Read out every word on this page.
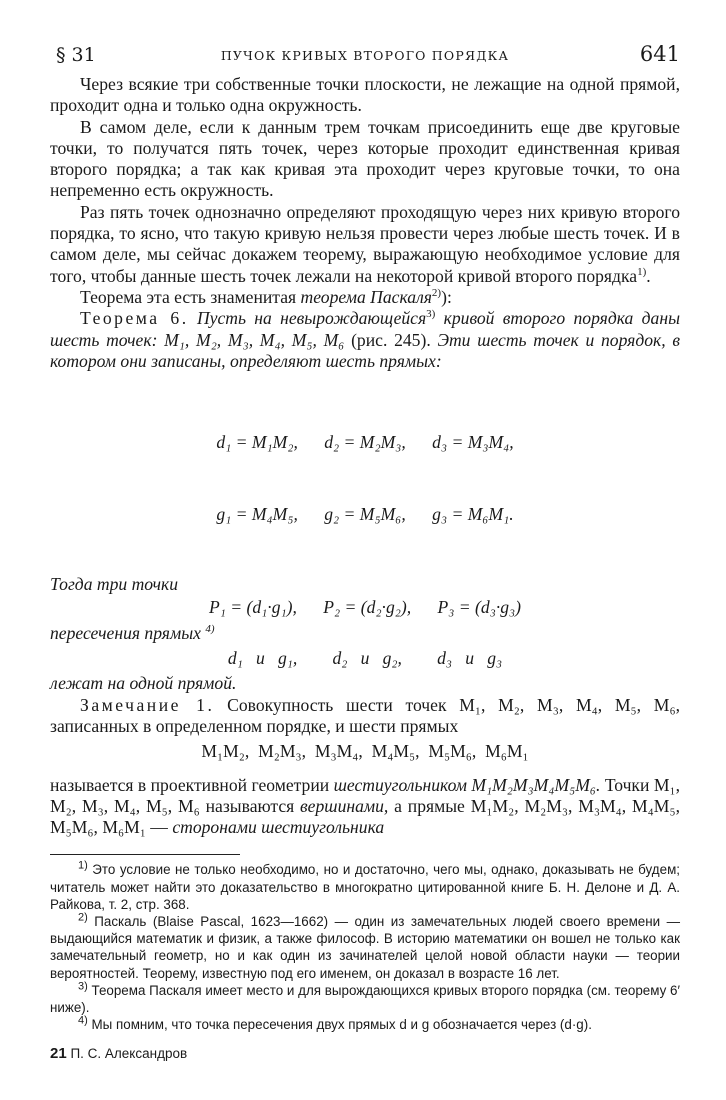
§ 31	ПУЧОК КРИВЫХ ВТОРОГО ПОРЯДКА	641

Через всякие три собственные точки плоскости, не лежащие на одной прямой, проходит одна и только одна окружность.

В самом деле, если к данным трем точкам присоединить еще две круговые точки, то получатся пять точек, через которые проходит единственная кривая второго порядка; а так как кривая эта проходит через круговые точки, то она непременно есть окружность.

Раз пять точек однозначно определяют проходящую через них кривую второго порядка, то ясно, что такую кривую нельзя провести через любые шесть точек. И в самом деле, мы сейчас докажем теорему, выражающую необходимое условие для того, чтобы данные шесть точек лежали на некоторой кривой второго порядка$^{1)}$.

Теорема эта есть знаменитая теорема Паскаля$^{2)}$):

Теорема 6. Пусть на невырождающейся$^{3)}$ кривой второго порядка даны шесть точек: M₁, M₂, M₃, M₄, M₅, M₆ (рис. 245). Эти шесть точек и порядок, в котором они записаны, определяют шесть прямых:

d₁ = M₁M₂,      d₂ = M₂M₃,      d₃ = M₃M₄,

g₁ = M₄M₅,      g₂ = M₅M₆,      g₃ = M₆M₁.

Тогда три точки

P₁ = (d₁·g₁),      P₂ = (d₂·g₂),      P₃ = (d₃·g₃)

пересечения прямых $^{4)}$

d₁   и   g₁,        d₂   и   g₂,        d₃   и   g₃

лежат на одной прямой.

Замечание 1. Совокупность шести точек M₁, M₂, M₃, M₄, M₅, M₆, записанных в определенном порядке, и шести прямых

M₁M₂,  M₂M₃,  M₃M₄,  M₄M₅,  M₅M₆,  M₆M₁

называется в проективной геометрии шестиугольником M₁M₂M₃M₄M₅M₆. Точки M₁, M₂, M₃, M₄, M₅, M₆ называются вершинами, а прямые M₁M₂, M₂M₃, M₃M₄, M₄M₅, M₅M₆, M₆M₁ — сторонами шестиугольника

$^{1)}$ Это условие не только необходимо, но и достаточно, чего мы, однако, доказывать не будем; читатель может найти это доказательство в многократно цитированной книге Б. Н. Делоне и Д. А. Райкова, т. 2, стр. 368.

$^{2)}$ Паскаль (Blaise Pascal, 1623—1662) — один из замечательных людей своего времени — выдающийся математик и физик, а также философ. В историю математики он вошел не только как замечательный геометр, но и как один из зачинателей целой новой области науки — теории вероятностей. Теорему, известную под его именем, он доказал в возрасте 16 лет.

$^{3)}$ Теорема Паскаля имеет место и для вырождающихся кривых второго порядка (см. теорему 6′ ниже).

$^{4)}$ Мы помним, что точка пересечения двух прямых d и g обозначается через (d·g).

21 П. С. Александров
